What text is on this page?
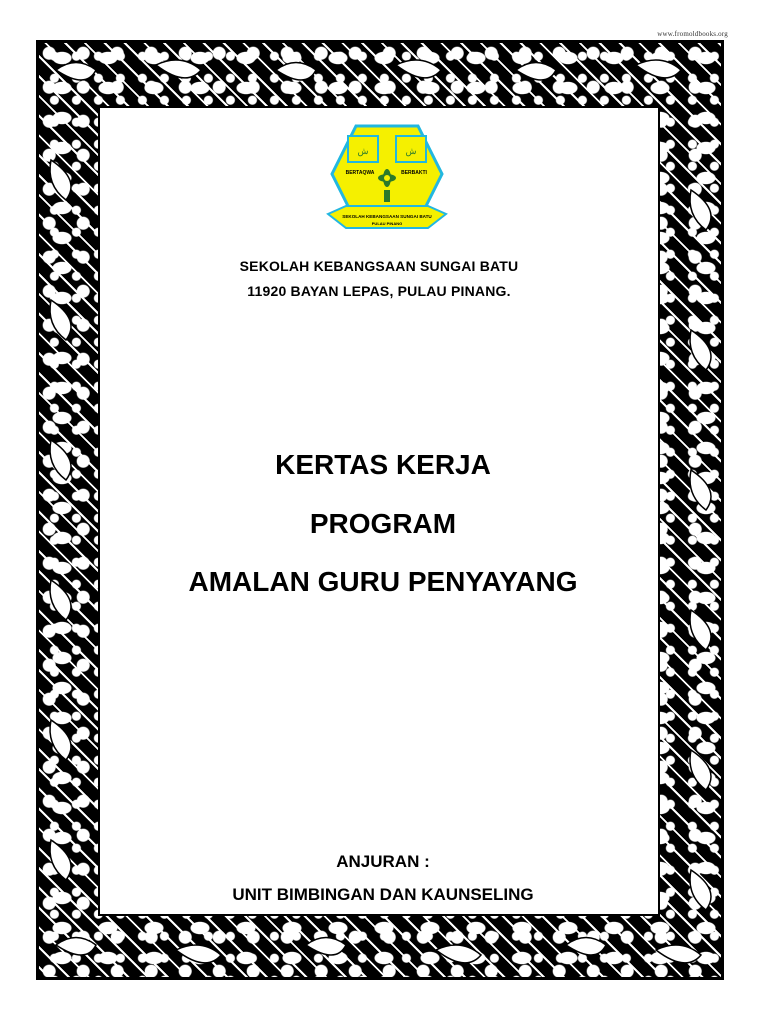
www.fromoldbooks.org
ش	ش
BERTAQWA	BERBAKTI
SEKOLAH KEBANGSAAN SUNGAI BATU
PULAU PINANG
SEKOLAH KEBANGSAAN SUNGAI BATU
11920 BAYAN LEPAS, PULAU PINANG.
KERTAS KERJA
PROGRAM
AMALAN GURU PENYAYANG
ANJURAN :
UNIT BIMBINGAN DAN KAUNSELING
